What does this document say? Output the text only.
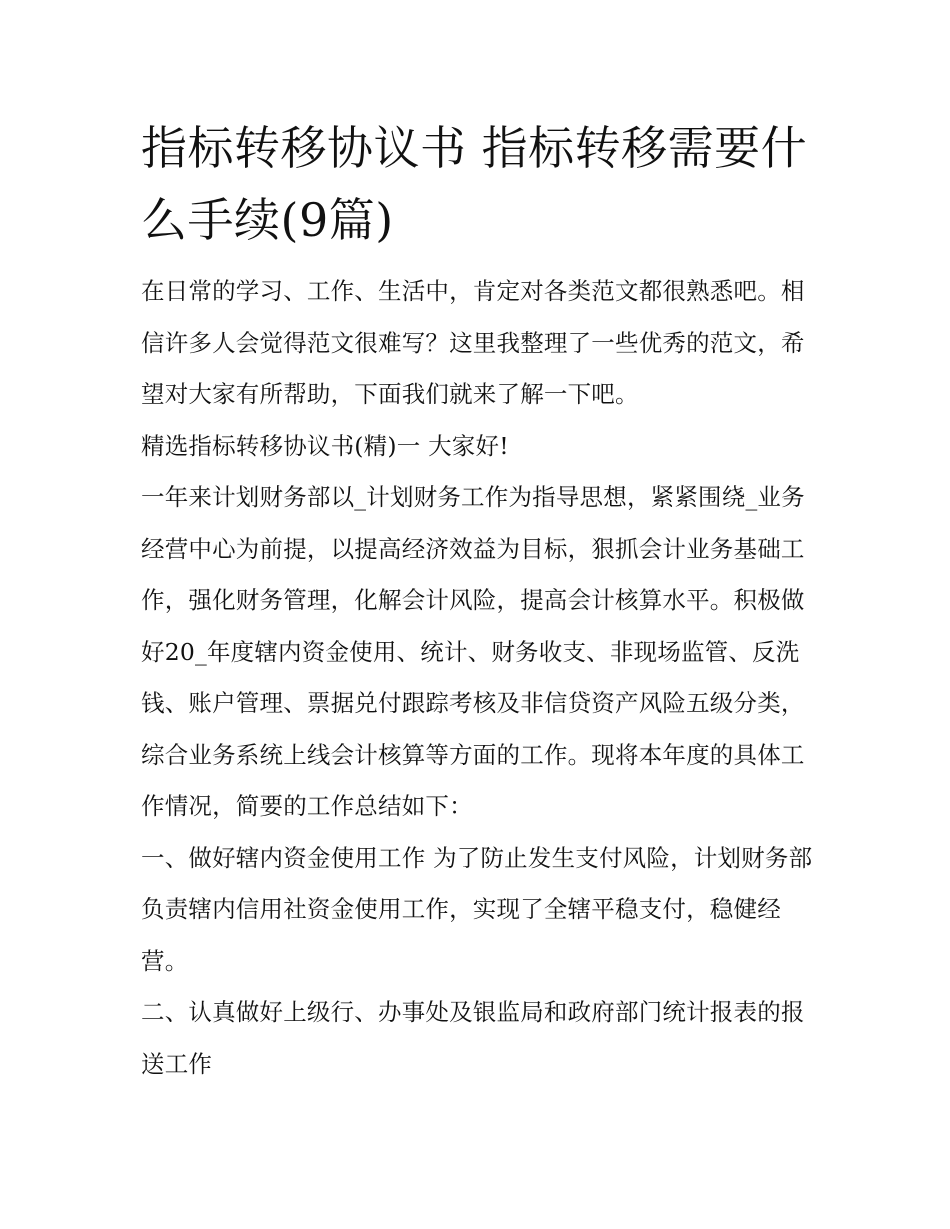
指标转移协议书 指标转移需要什么手续(9篇)

在日常的学习、工作、生活中，肯定对各类范文都很熟悉吧。相信许多人会觉得范文很难写？这里我整理了一些优秀的范文，希望对大家有所帮助，下面我们就来了解一下吧。

精选指标转移协议书(精)一 大家好!

一年来计划财务部以_计划财务工作为指导思想，紧紧围绕_业务经营中心为前提，以提高经济效益为目标，狠抓会计业务基础工作，强化财务管理，化解会计风险，提高会计核算水平。积极做好20_年度辖内资金使用、统计、财务收支、非现场监管、反洗钱、账户管理、票据兑付跟踪考核及非信贷资产风险五级分类，综合业务系统上线会计核算等方面的工作。现将本年度的具体工作情况，简要的工作总结如下：

一、做好辖内资金使用工作 为了防止发生支付风险，计划财务部负责辖内信用社资金使用工作，实现了全辖平稳支付，稳健经营。

二、认真做好上级行、办事处及银监局和政府部门统计报表的报送工作
